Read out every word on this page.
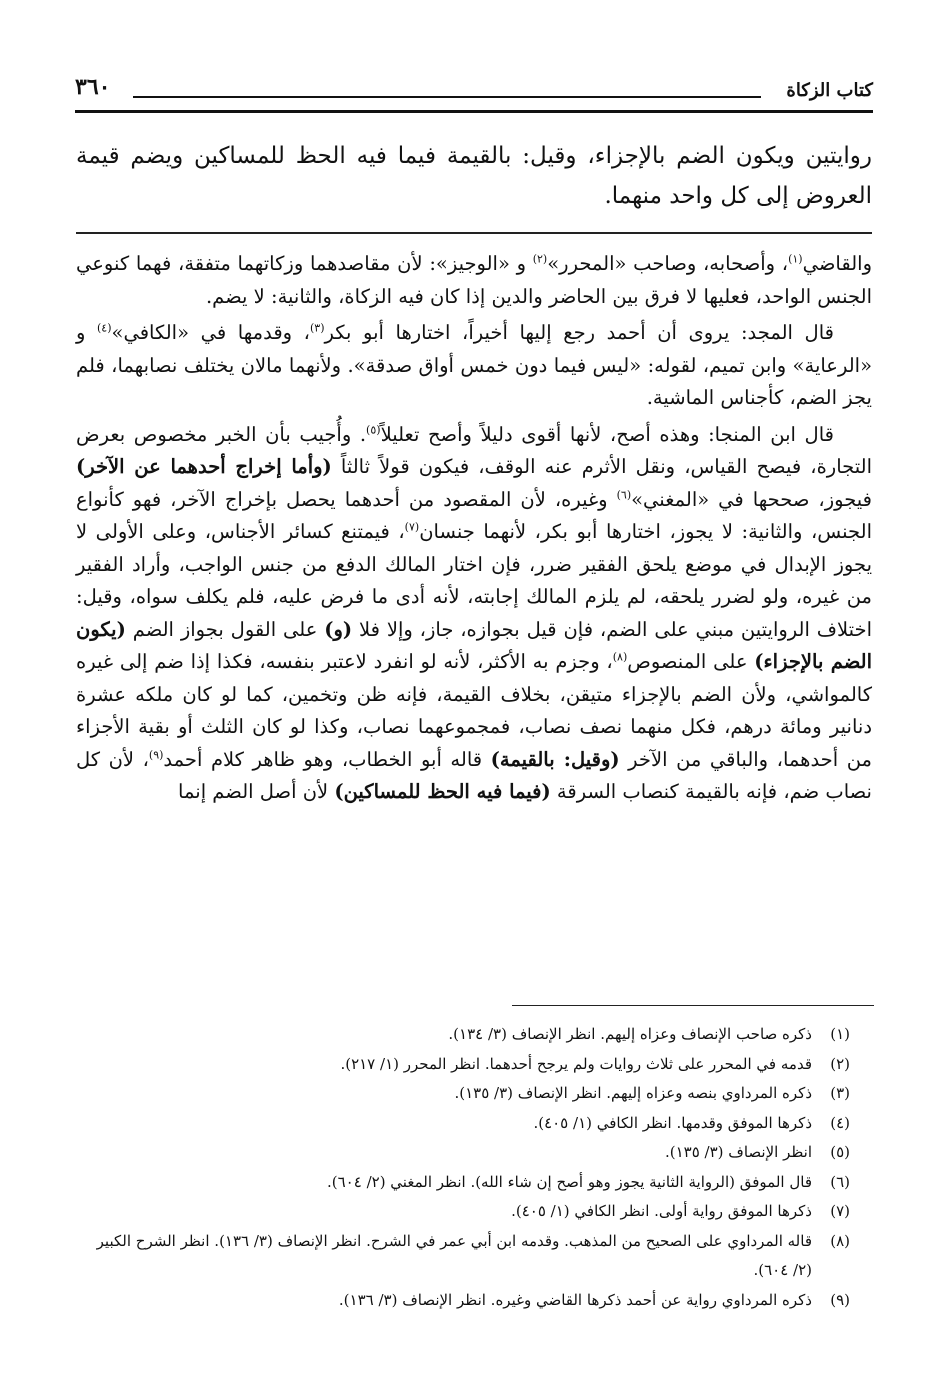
كتاب الزكاة
٣٦٠
روايتين ويكون الضم بالإجزاء، وقيل: بالقيمة فيما فيه الحظ للمساكين ويضم قيمة العروض إلى كل واحد منهما.

والقاضي$^{(١)}$، وأصحابه، وصاحب «المحرر»$^{(٢)}$ و «الوجيز»: لأن مقاصدهما وزكاتهما متفقة، فهما كنوعي الجنس الواحد، فعليها لا فرق بين الحاضر والدين إذا كان فيه الزكاة، والثانية: لا يضم.

قال المجد: يروى أن أحمد رجع إليها أخيراً، اختارها أبو بكر$^{(٣)}$، وقدمها في «الكافي»$^{(٤)}$ و «الرعاية» وابن تميم، لقوله: «ليس فيما دون خمس أواق صدقة». ولأنهما مالان يختلف نصابهما، فلم يجز الضم، كأجناس الماشية.

قال ابن المنجا: وهذه أصح، لأنها أقوى دليلاً وأصح تعليلاً$^{(٥)}$. وأُجيب بأن الخبر مخصوص بعرض التجارة، فيصح القياس، ونقل الأثرم عنه الوقف، فيكون قولاً ثالثاً (وأما إخراج أحدهما عن الآخر) فيجوز، صححها في «المغني»$^{(٦)}$ وغيره، لأن المقصود من أحدهما يحصل بإخراج الآخر، فهو كأنواع الجنس، والثانية: لا يجوز، اختارها أبو بكر، لأنهما جنسان$^{(٧)}$، فيمتنع كسائر الأجناس، وعلى الأولى لا يجوز الإبدال في موضع يلحق الفقير ضرر، فإن اختار المالك الدفع من جنس الواجب، وأراد الفقير من غيره، ولو لضرر يلحقه، لم يلزم المالك إجابته، لأنه أدى ما فرض عليه، فلم يكلف سواه، وقيل: اختلاف الروايتين مبني على الضم، فإن قيل بجوازه، جاز، وإلا فلا (و) على القول بجواز الضم (يكون الضم بالإجزاء) على المنصوص$^{(٨)}$، وجزم به الأكثر، لأنه لو انفرد لاعتبر بنفسه، فكذا إذا ضم إلى غيره كالمواشي، ولأن الضم بالإجزاء متيقن، بخلاف القيمة، فإنه ظن وتخمين، كما لو كان ملكه عشرة دنانير ومائة درهم، فكل منهما نصف نصاب، فمجموعهما نصاب، وكذا لو كان الثلث أو بقية الأجزاء من أحدهما، والباقي من الآخر (وقيل: بالقيمة) قاله أبو الخطاب، وهو ظاهر كلام أحمد$^{(٩)}$، لأن كل نصاب ضم، فإنه بالقيمة كنصاب السرقة (فيما فيه الحظ للمساكين) لأن أصل الضم إنما

(١)
ذكره صاحب الإنصاف وعزاه إليهم. انظر الإنصاف (٣/ ١٣٤).
(٢)
قدمه في المحرر على ثلاث روايات ولم يرجح أحدهما. انظر المحرر (١/ ٢١٧).
(٣)
ذكره المرداوي بنصه وعزاه إليهم. انظر الإنصاف (٣/ ١٣٥).
(٤)
ذكرها الموفق وقدمها. انظر الكافي (١/ ٤٠٥).
(٥)
انظر الإنصاف (٣/ ١٣٥).
(٦)
قال الموفق (الرواية الثانية يجوز وهو أصح إن شاء الله). انظر المغني (٢/ ٦٠٤).
(٧)
ذكرها الموفق رواية أولى. انظر الكافي (١/ ٤٠٥).
(٨)
قاله المرداوي على الصحيح من المذهب. وقدمه ابن أبي عمر في الشرح. انظر الإنصاف (٣/ ١٣٦). انظر الشرح الكبير (٢/ ٦٠٤).
(٩)
ذكره المرداوي رواية عن أحمد ذكرها القاضي وغيره. انظر الإنصاف (٣/ ١٣٦).
